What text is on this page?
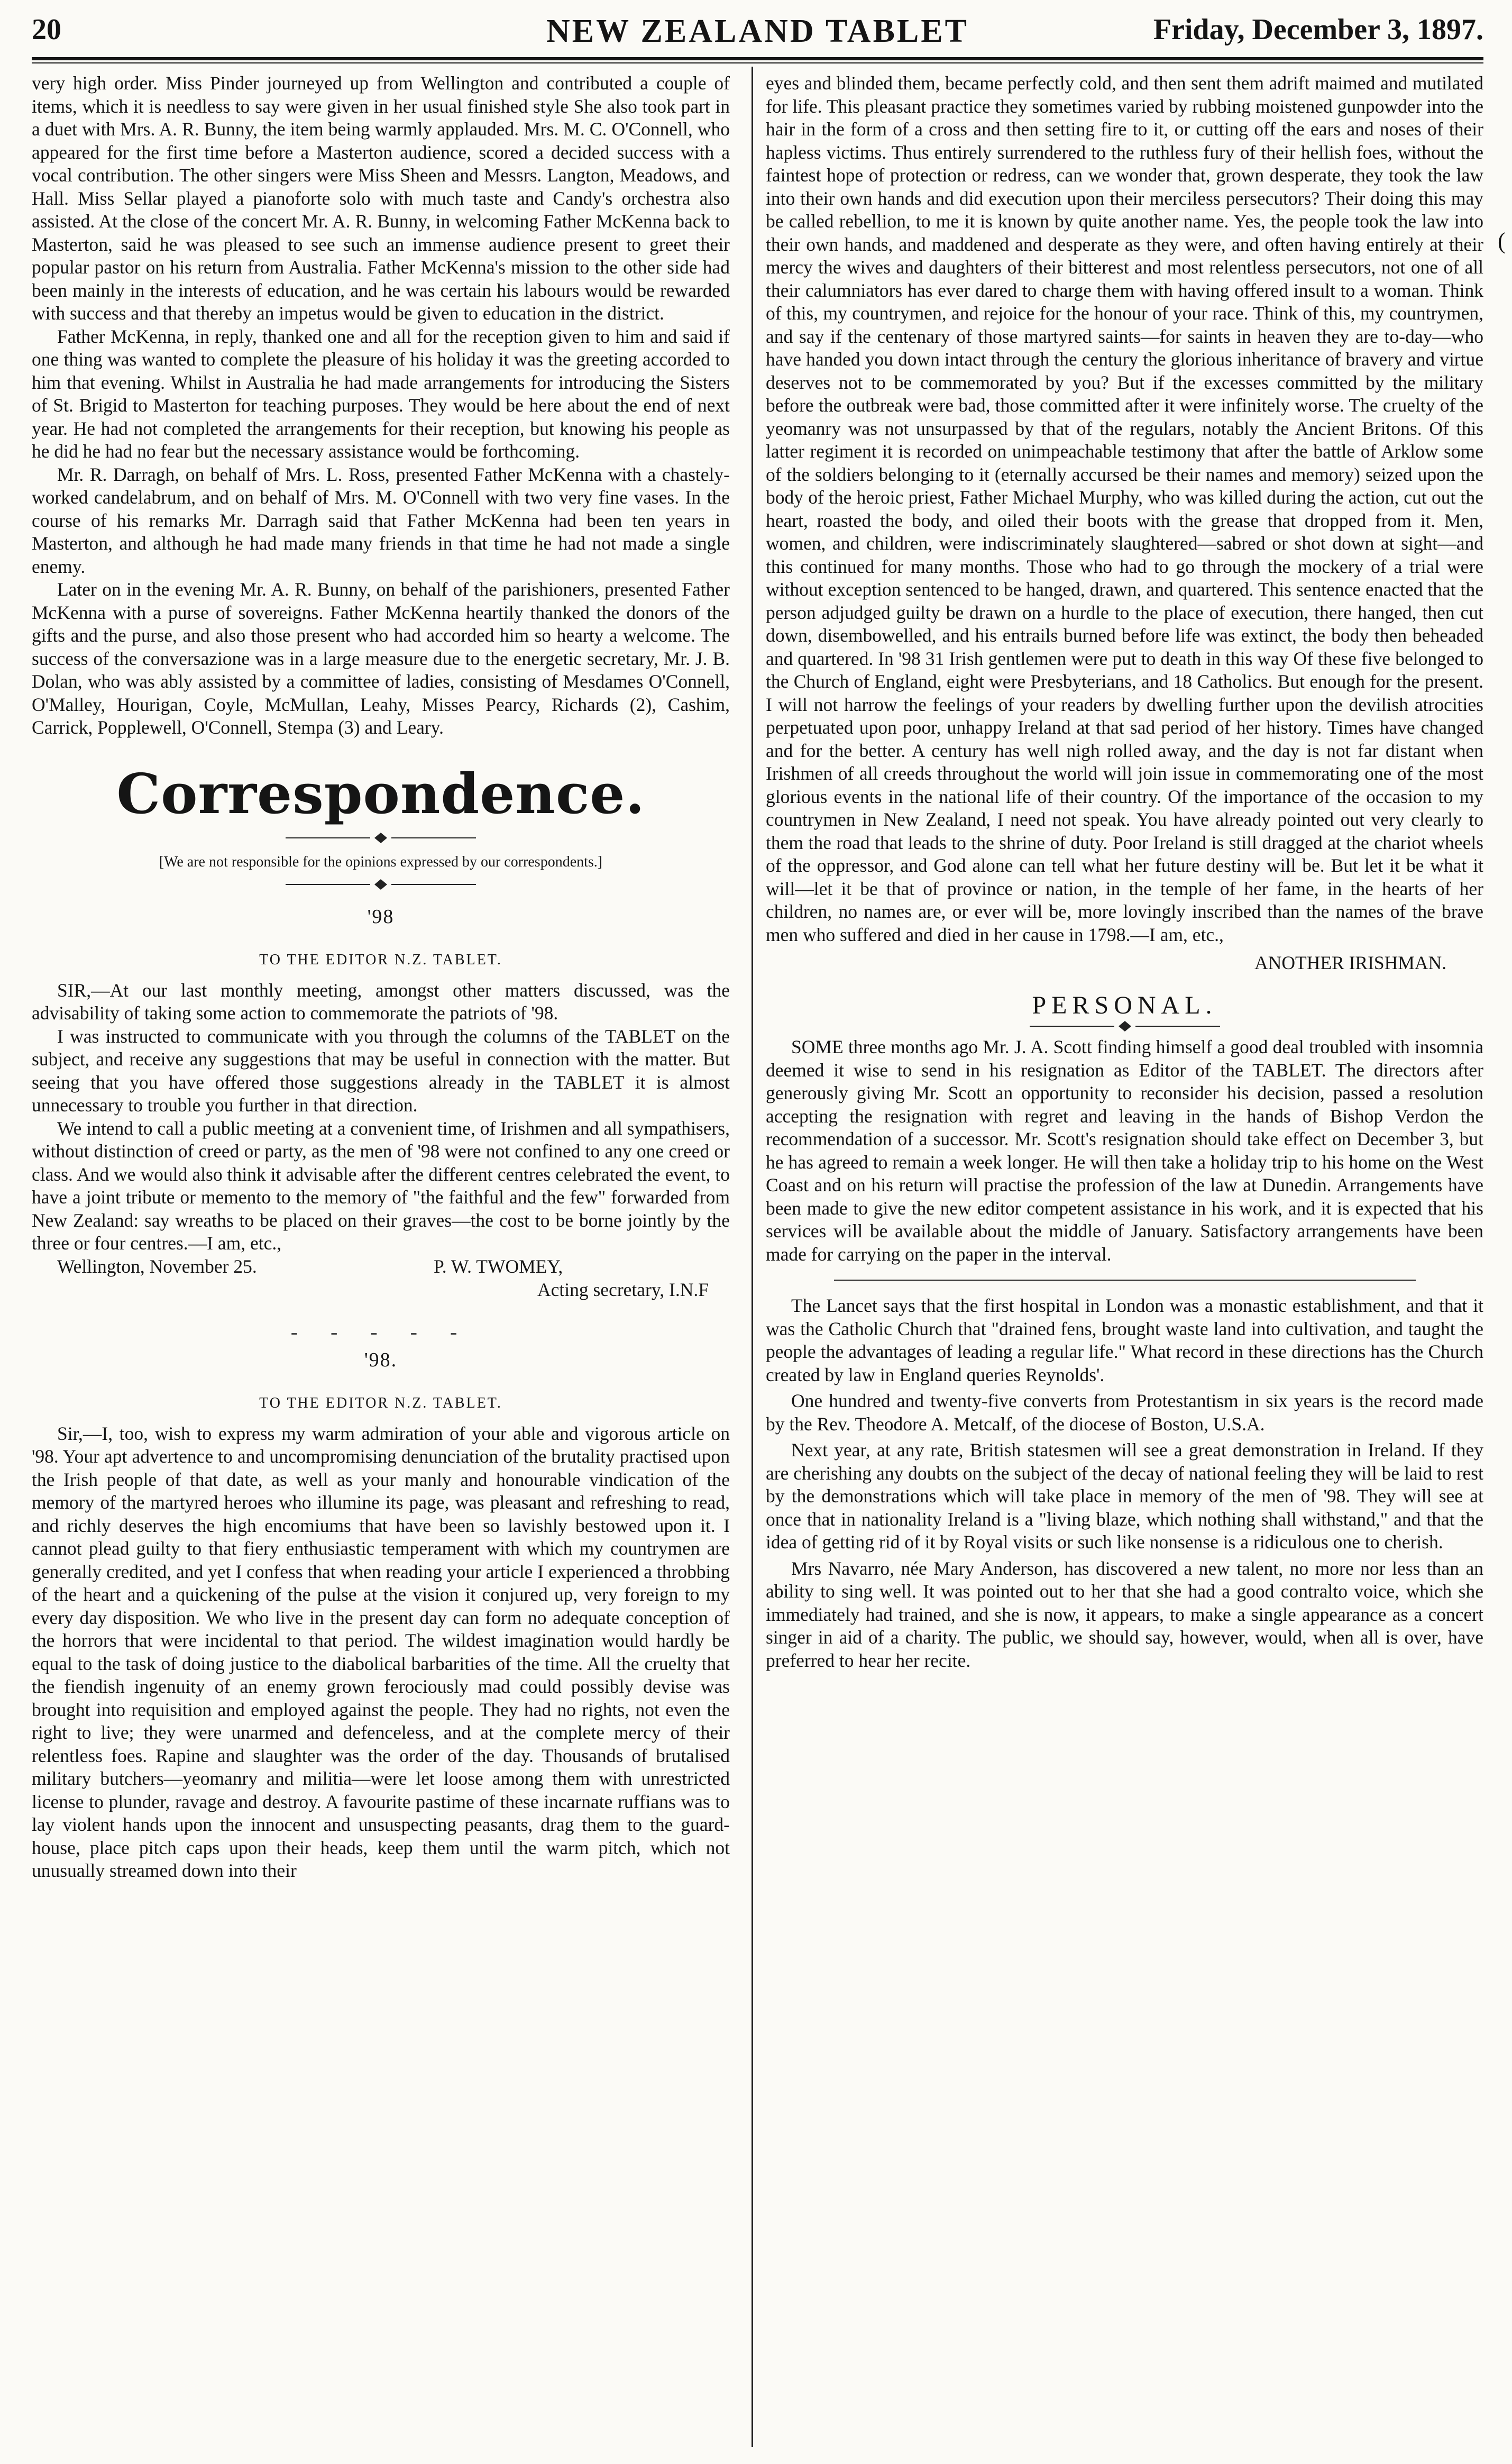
20	NEW ZEALAND TABLET	Friday, December 3, 1897.
(

very high order. Miss Pinder journeyed up from Wellington and contributed a couple of items, which it is needless to say were given in her usual finished style She also took part in a duet with Mrs. A. R. Bunny, the item being warmly applauded. Mrs. M. C. O'Connell, who appeared for the first time before a Masterton audience, scored a decided success with a vocal contribution. The other singers were Miss Sheen and Messrs. Langton, Meadows, and Hall. Miss Sellar played a pianoforte solo with much taste and Candy's orchestra also assisted. At the close of the concert Mr. A. R. Bunny, in welcoming Father McKenna back to Masterton, said he was pleased to see such an immense audience present to greet their popular pastor on his return from Australia. Father McKenna's mission to the other side had been mainly in the interests of education, and he was certain his labours would be rewarded with success and that thereby an impetus would be given to education in the district.

Father McKenna, in reply, thanked one and all for the reception given to him and said if one thing was wanted to complete the pleasure of his holiday it was the greeting accorded to him that evening. Whilst in Australia he had made arrangements for introducing the Sisters of St. Brigid to Masterton for teaching purposes. They would be here about the end of next year. He had not completed the arrangements for their reception, but knowing his people as he did he had no fear but the necessary assistance would be forthcoming.

Mr. R. Darragh, on behalf of Mrs. L. Ross, presented Father McKenna with a chastely-worked candelabrum, and on behalf of Mrs. M. O'Connell with two very fine vases. In the course of his remarks Mr. Darragh said that Father McKenna had been ten years in Masterton, and although he had made many friends in that time he had not made a single enemy.

Later on in the evening Mr. A. R. Bunny, on behalf of the parishioners, presented Father McKenna with a purse of sovereigns. Father McKenna heartily thanked the donors of the gifts and the purse, and also those present who had accorded him so hearty a welcome. The success of the conversazione was in a large measure due to the energetic secretary, Mr. J. B. Dolan, who was ably assisted by a committee of ladies, consisting of Mesdames O'Connell, O'Malley, Hourigan, Coyle, McMullan, Leahy, Misses Pearcy, Richards (2), Cashim, Carrick, Popplewell, O'Connell, Stempa (3) and Leary.

Correspondence.
[We are not responsible for the opinions expressed by our correspondents.]
'98
TO THE EDITOR N.Z. TABLET.

SIR,—At our last monthly meeting, amongst other matters discussed, was the advisability of taking some action to commemorate the patriots of '98.

I was instructed to communicate with you through the columns of the TABLET on the subject, and receive any suggestions that may be useful in connection with the matter. But seeing that you have offered those suggestions already in the TABLET it is almost unnecessary to trouble you further in that direction.

We intend to call a public meeting at a convenient time, of Irishmen and all sympathisers, without distinction of creed or party, as the men of '98 were not confined to any one creed or class. And we would also think it advisable after the different centres celebrated the event, to have a joint tribute or memento to the memory of "the faithful and the few" forwarded from New Zealand: say wreaths to be placed on their graves—the cost to be borne jointly by the three or four centres.—I am, etc.,

Wellington, November 25.	P. W. TWOMEY,
Acting secretary, I.N.F
- - - - -
'98.
TO THE EDITOR N.Z. TABLET.

Sir,—I, too, wish to express my warm admiration of your able and vigorous article on '98. Your apt advertence to and uncompromising denunciation of the brutality practised upon the Irish people of that date, as well as your manly and honourable vindication of the memory of the martyred heroes who illumine its page, was pleasant and refreshing to read, and richly deserves the high encomiums that have been so lavishly bestowed upon it. I cannot plead guilty to that fiery enthusiastic temperament with which my countrymen are generally credited, and yet I confess that when reading your article I experienced a throbbing of the heart and a quickening of the pulse at the vision it conjured up, very foreign to my every day disposition. We who live in the present day can form no adequate conception of the horrors that were incidental to that period. The wildest imagination would hardly be equal to the task of doing justice to the diabolical barbarities of the time. All the cruelty that the fiendish ingenuity of an enemy grown ferociously mad could possibly devise was brought into requisition and employed against the people. They had no rights, not even the right to live; they were unarmed and defenceless, and at the complete mercy of their relentless foes. Rapine and slaughter was the order of the day. Thousands of brutalised military butchers—yeomanry and militia—were let loose among them with unrestricted license to plunder, ravage and destroy. A favourite pastime of these incarnate ruffians was to lay violent hands upon the innocent and unsuspecting peasants, drag them to the guard-house, place pitch caps upon their heads, keep them until the warm pitch, which not unusually streamed down into their

eyes and blinded them, became perfectly cold, and then sent them adrift maimed and mutilated for life. This pleasant practice they sometimes varied by rubbing moistened gunpowder into the hair in the form of a cross and then setting fire to it, or cutting off the ears and noses of their hapless victims. Thus entirely surrendered to the ruthless fury of their hellish foes, without the faintest hope of protection or redress, can we wonder that, grown desperate, they took the law into their own hands and did execution upon their merciless persecutors? Their doing this may be called rebellion, to me it is known by quite another name. Yes, the people took the law into their own hands, and maddened and desperate as they were, and often having entirely at their mercy the wives and daughters of their bitterest and most relentless persecutors, not one of all their calumniators has ever dared to charge them with having offered insult to a woman. Think of this, my countrymen, and rejoice for the honour of your race. Think of this, my countrymen, and say if the centenary of those martyred saints—for saints in heaven they are to-day—who have handed you down intact through the century the glorious inheritance of bravery and virtue deserves not to be commemorated by you? But if the excesses committed by the military before the outbreak were bad, those committed after it were infinitely worse. The cruelty of the yeomanry was not unsurpassed by that of the regulars, notably the Ancient Britons. Of this latter regiment it is recorded on unimpeachable testimony that after the battle of Arklow some of the soldiers belonging to it (eternally accursed be their names and memory) seized upon the body of the heroic priest, Father Michael Murphy, who was killed during the action, cut out the heart, roasted the body, and oiled their boots with the grease that dropped from it. Men, women, and children, were indiscriminately slaughtered—sabred or shot down at sight—and this continued for many months. Those who had to go through the mockery of a trial were without exception sentenced to be hanged, drawn, and quartered. This sentence enacted that the person adjudged guilty be drawn on a hurdle to the place of execution, there hanged, then cut down, disembowelled, and his entrails burned before life was extinct, the body then beheaded and quartered. In '98 31 Irish gentlemen were put to death in this way Of these five belonged to the Church of England, eight were Presbyterians, and 18 Catholics. But enough for the present. I will not harrow the feelings of your readers by dwelling further upon the devilish atrocities perpetuated upon poor, unhappy Ireland at that sad period of her history. Times have changed and for the better. A century has well nigh rolled away, and the day is not far distant when Irishmen of all creeds throughout the world will join issue in commemorating one of the most glorious events in the national life of their country. Of the importance of the occasion to my countrymen in New Zealand, I need not speak. You have already pointed out very clearly to them the road that leads to the shrine of duty. Poor Ireland is still dragged at the chariot wheels of the oppressor, and God alone can tell what her future destiny will be. But let it be what it will—let it be that of province or nation, in the temple of her fame, in the hearts of her children, no names are, or ever will be, more lovingly inscribed than the names of the brave men who suffered and died in her cause in 1798.—I am, etc.,

ANOTHER IRISHMAN.
PERSONAL.

SOME three months ago Mr. J. A. Scott finding himself a good deal troubled with insomnia deemed it wise to send in his resignation as Editor of the TABLET. The directors after generously giving Mr. Scott an opportunity to reconsider his decision, passed a resolution accepting the resignation with regret and leaving in the hands of Bishop Verdon the recommendation of a successor. Mr. Scott's resignation should take effect on December 3, but he has agreed to remain a week longer. He will then take a holiday trip to his home on the West Coast and on his return will practise the profession of the law at Dunedin. Arrangements have been made to give the new editor competent assistance in his work, and it is expected that his services will be available about the middle of January. Satisfactory arrangements have been made for carrying on the paper in the interval.

The Lancet says that the first hospital in London was a monastic establishment, and that it was the Catholic Church that "drained fens, brought waste land into cultivation, and taught the people the advantages of leading a regular life." What record in these directions has the Church created by law in England queries Reynolds'.

One hundred and twenty-five converts from Protestantism in six years is the record made by the Rev. Theodore A. Metcalf, of the diocese of Boston, U.S.A.

Next year, at any rate, British statesmen will see a great demonstration in Ireland. If they are cherishing any doubts on the subject of the decay of national feeling they will be laid to rest by the demonstrations which will take place in memory of the men of '98. They will see at once that in nationality Ireland is a "living blaze, which nothing shall withstand," and that the idea of getting rid of it by Royal visits or such like nonsense is a ridiculous one to cherish.

Mrs Navarro, née Mary Anderson, has discovered a new talent, no more nor less than an ability to sing well. It was pointed out to her that she had a good contralto voice, which she immediately had trained, and she is now, it appears, to make a single appearance as a concert singer in aid of a charity. The public, we should say, however, would, when all is over, have preferred to hear her recite.
